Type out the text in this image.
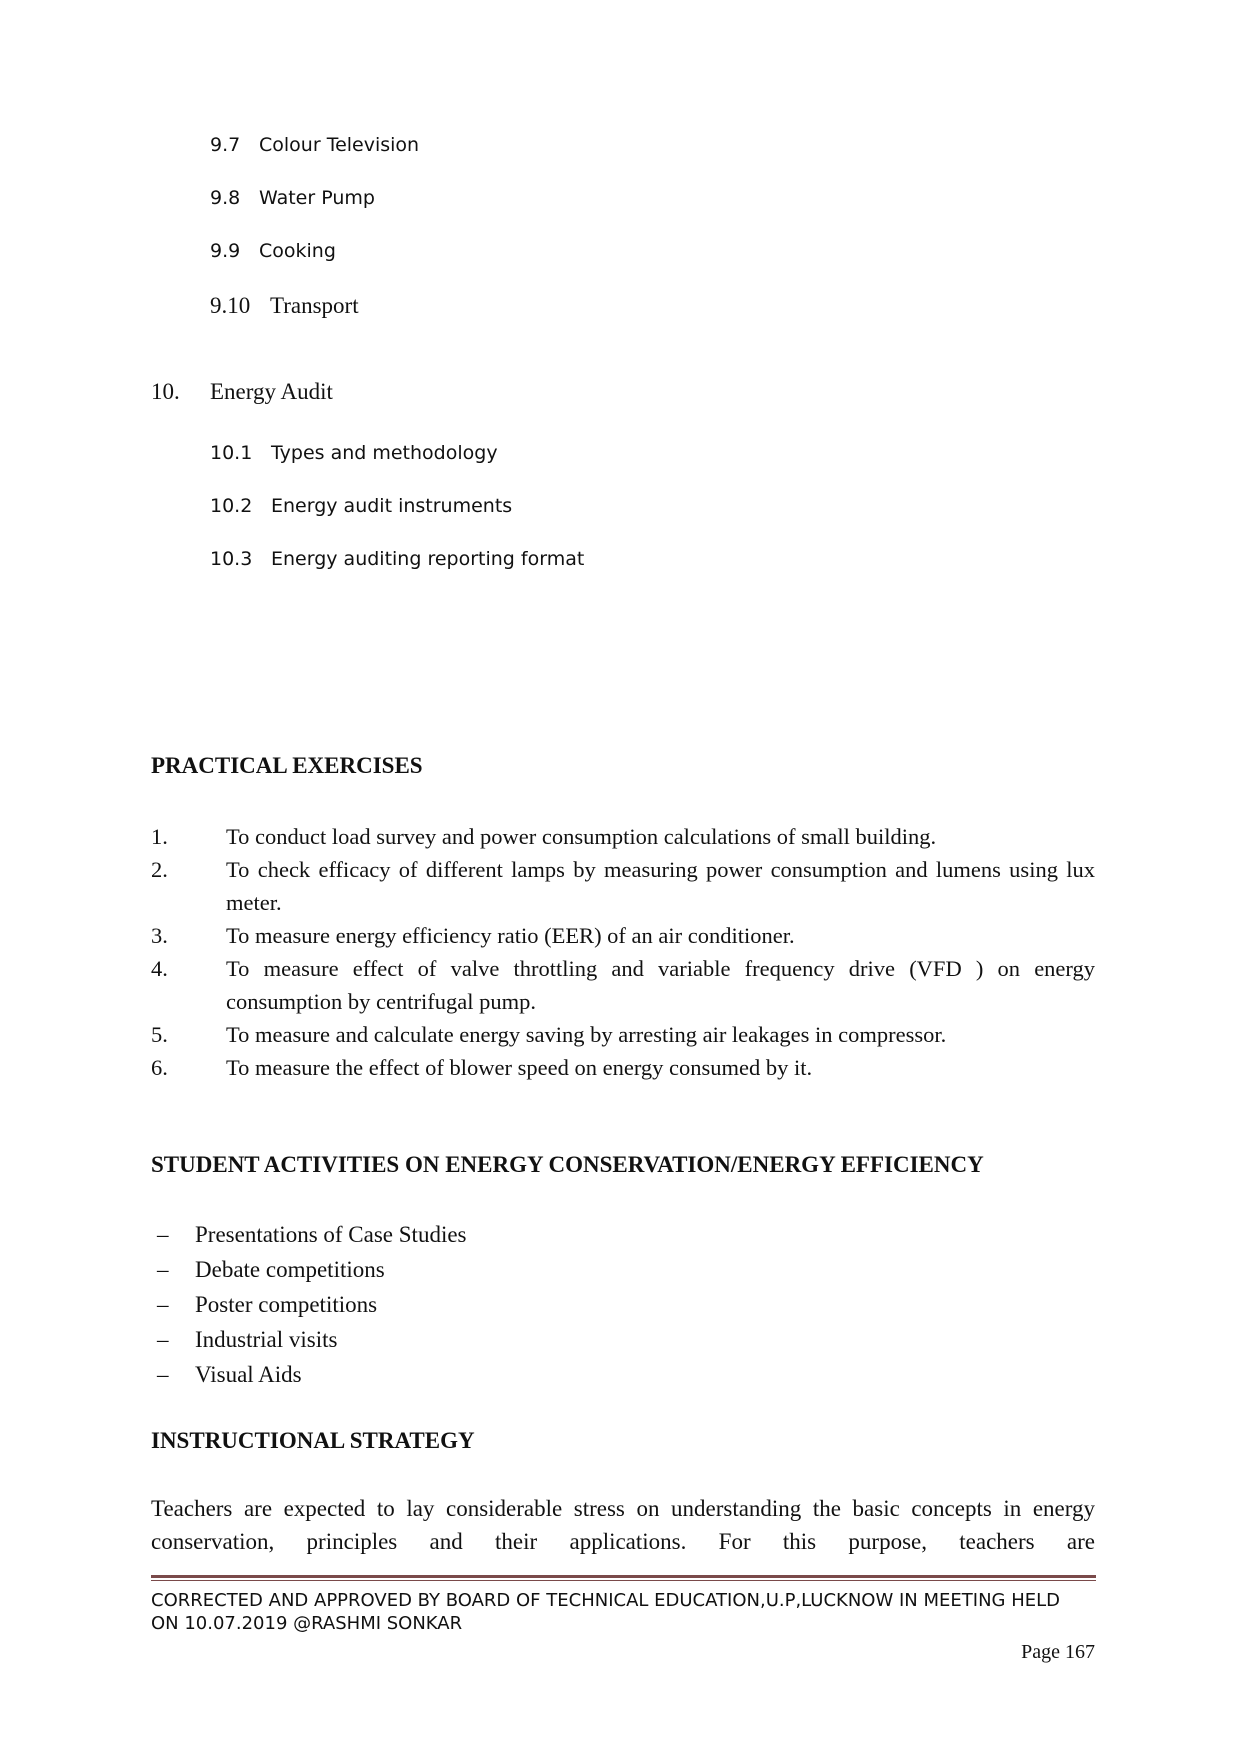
9.7 Colour Television
9.8 Water Pump
9.9 Cooking
9.10 Transport
10. Energy Audit
10.1 Types and methodology
10.2 Energy audit instruments
10.3 Energy auditing reporting format
PRACTICAL EXERCISES
1.	To conduct load survey and power consumption calculations of small building.
2.	To check efficacy of different lamps by measuring power consumption and lumens using lux meter.
3.	To measure energy efficiency ratio (EER) of an air conditioner.
4.	To measure effect of valve throttling and variable frequency drive (VFD ) on energy consumption by centrifugal pump.
5.	To measure and calculate energy saving by arresting air leakages in compressor.
6.	To measure the effect of blower speed on energy consumed by it.
STUDENT ACTIVITIES ON ENERGY CONSERVATION/ENERGY EFFICIENCY
– Presentations of Case Studies
– Debate competitions
– Poster competitions
– Industrial visits
– Visual Aids
INSTRUCTIONAL STRATEGY
Teachers are expected to lay considerable stress on understanding the basic concepts in energy conservation, principles and their applications. For this purpose, teachers are
CORRECTED AND APPROVED BY BOARD OF TECHNICAL EDUCATION,U.P,LUCKNOW IN MEETING HELD
ON 10.07.2019 @RASHMI SONKAR
Page 167
